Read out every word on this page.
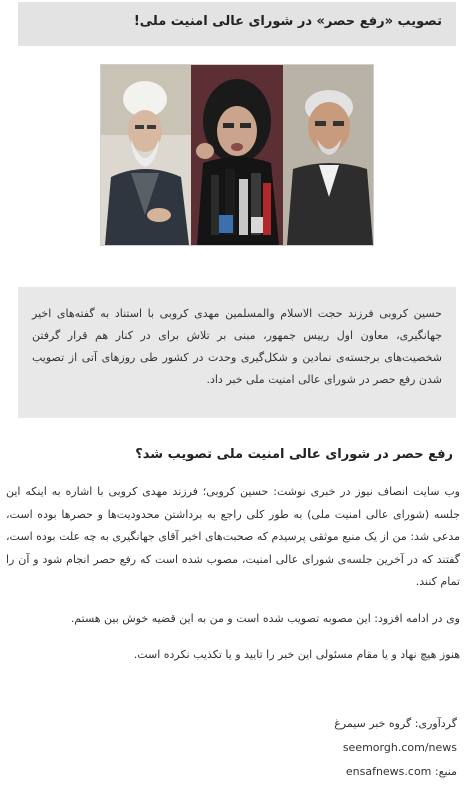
تصویب «رفع حصر» در شورای عالی امنیت ملی!
حسین کروبی فرزند حجت الاسلام والمسلمین مهدی کروبی با استناد به گفته‌های اخیر جهانگیری، معاون اول رییس جمهور، مبنی بر تلاش برای در کنار هم قرار گرفتن شخصیت‌های برجسته‌ی نمادین و شکل‌گیری وحدت در کشور طی روزهای آتی از تصویب شدن رفع حصر در شورای عالی امنیت ملی خبر داد.
رفع حصر در شورای عالی امنیت ملی تصویب شد؟

وب سایت انصاف نیوز در خبری نوشت: حسین کروبی؛ فرزند مهدی کروبی با اشاره به اینکه این جلسه (شورای عالی امنیت ملی) به طور کلی راجع به برداشتن محدودیت‌ها و حصرها بوده است، مدعی شد: من از یک منبع موثقی پرسیدم که صحبت‌های اخیر آقای جهانگیری به چه علت بوده است، گفتند که در آخرین جلسه‌ی شورای عالی امنیت، مصوب شده است که رفع حصر انجام شود و آن را تمام کنند.

وی در ادامه افزود: این مصوبه تصویب شده است و من به این قضیه خوش بین هستم.

هنوز هیچ نهاد و یا مقام مسئولی این خبر را تایید و یا تکذیب نکرده است.

گردآوری: گروه خبر سیمرغ
seemorgh.com/news
منبع: ensafnews.com
